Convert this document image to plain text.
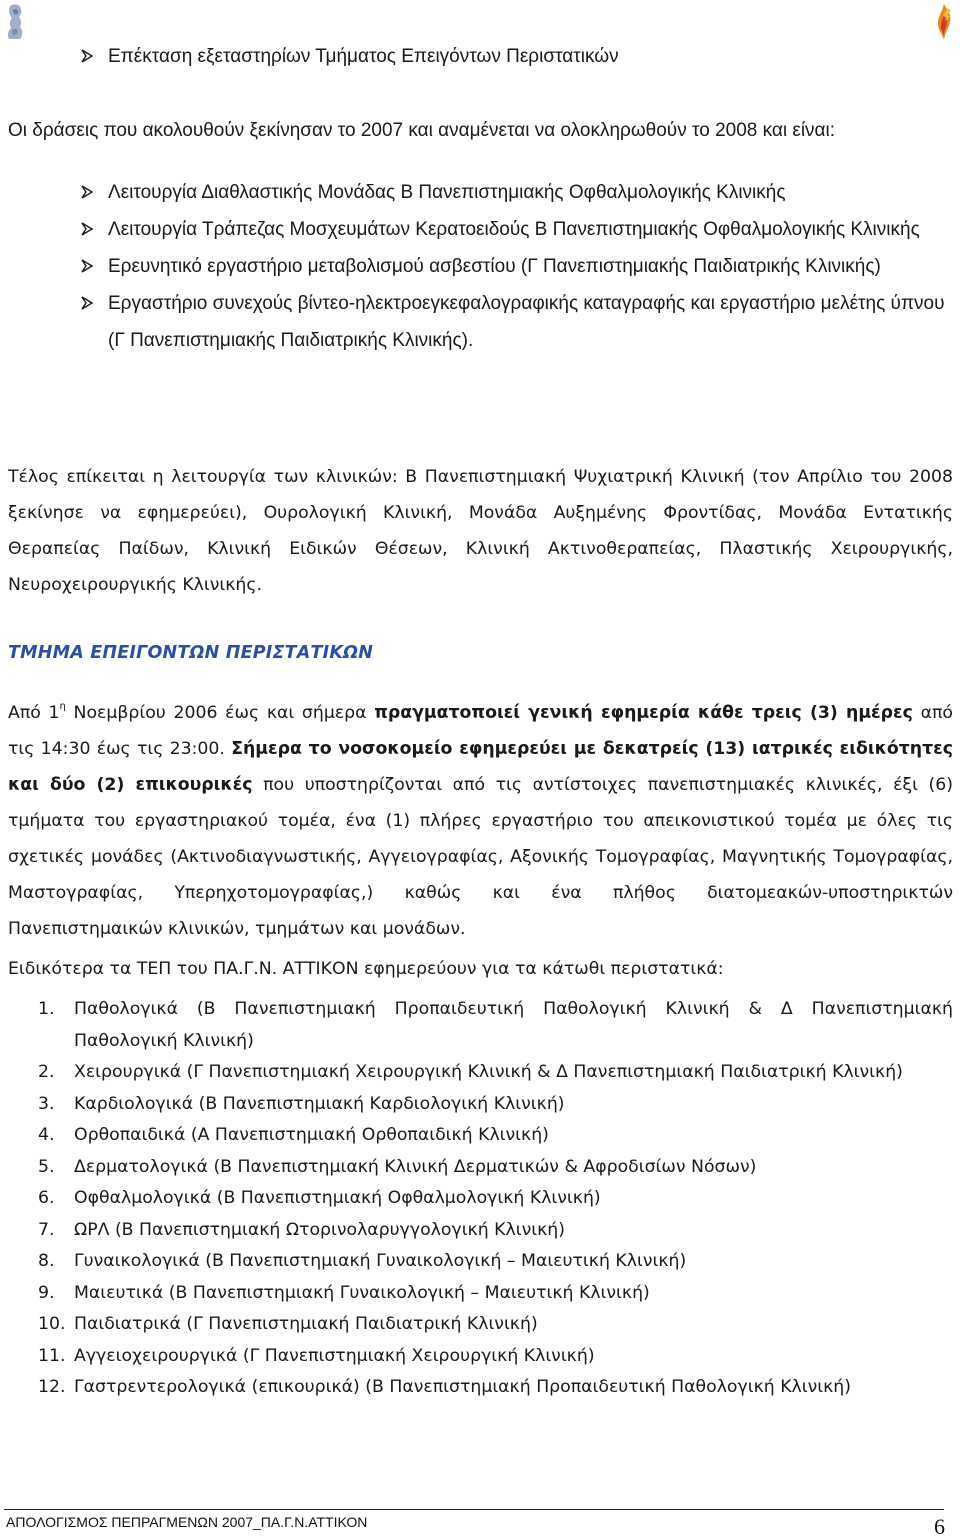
Επέκταση εξεταστηρίων Τμήματος Επειγόντων Περιστατικών

Οι δράσεις που ακολουθούν ξεκίνησαν το 2007 και αναμένεται να ολοκληρωθούν το 2008 και είναι:

Λειτουργία Διαθλαστικής Μονάδας Β Πανεπιστημιακής Οφθαλμολογικής Κλινικής
Λειτουργία Τράπεζας Μοσχευμάτων Κερατοειδούς Β Πανεπιστημιακής Οφθαλμολογικής Κλινικής
Ερευνητικό εργαστήριο μεταβολισμού ασβεστίου (Γ Πανεπιστημιακής Παιδιατρικής Κλινικής)
Εργαστήριο συνεχούς βίντεο-ηλεκτροεγκεφαλογραφικής καταγραφής και εργαστήριο μελέτης ύπνου (Γ Πανεπιστημιακής Παιδιατρικής Κλινικής).

Τέλος επίκειται η λειτουργία των κλινικών: Β Πανεπιστημιακή Ψυχιατρική Κλινική (τον Απρίλιο του 2008 ξεκίνησε να εφημερεύει), Ουρολογική Κλινική, Μονάδα Αυξημένης Φροντίδας, Μονάδα Εντατικής Θεραπείας Παίδων, Κλινική Ειδικών Θέσεων, Κλινική Ακτινοθεραπείας, Πλαστικής Χειρουργικής, Νευροχειρουργικής Κλινικής.

ΤΜΗΜΑ ΕΠΕΙΓΟΝΤΩΝ ΠΕΡΙΣΤΑΤΙΚΩΝ

Από $1^\eta$ Νοεμβρίου 2006 έως και σήμερα πραγματοποιεί γενική εφημερία κάθε τρεις (3) ημέρες από τις 14:30 έως τις 23:00. Σήμερα το νοσοκομείο εφημερεύει με δεκατρείς (13) ιατρικές ειδικότητες και δύο (2) επικουρικές που υποστηρίζονται από τις αντίστοιχες πανεπιστημιακές κλινικές, έξι (6) τμήματα του εργαστηριακού τομέα, ένα (1) πλήρες εργαστήριο του απεικονιστικού τομέα με όλες τις σχετικές μονάδες (Ακτινοδιαγνωστικής, Αγγειογραφίας, Αξονικής Τομογραφίας, Μαγνητικής Τομογραφίας, Μαστογραφίας, Υπερηχοτομογραφίας,) καθώς και ένα πλήθος διατομεακών-υποστηρικτών Πανεπιστημαικών κλινικών, τμημάτων και μονάδων.

Ειδικότερα τα ΤΕΠ του ΠΑ.Γ.Ν. ΑΤΤΙΚΟΝ εφημερεύουν για τα κάτωθι περιστατικά:

1. Παθολογικά (Β Πανεπιστημιακή Προπαιδευτική Παθολογική Κλινική & Δ Πανεπιστημιακή Παθολογική Κλινική)
2. Χειρουργικά (Γ Πανεπιστημιακή Χειρουργική Κλινική & Δ Πανεπιστημιακή Παιδιατρική Κλινική)
3. Καρδιολογικά (Β Πανεπιστημιακή Καρδιολογική Κλινική)
4. Ορθοπαιδικά (Α Πανεπιστημιακή Ορθοπαιδική Κλινική)
5. Δερματολογικά (Β Πανεπιστημιακή Κλινική Δερματικών & Αφροδισίων Νόσων)
6. Οφθαλμολογικά (Β Πανεπιστημιακή Οφθαλμολογική Κλινική)
7. ΩΡΛ (Β Πανεπιστημιακή Ωτορινολαρυγγολογική Κλινική)
8. Γυναικολογικά (Β Πανεπιστημιακή Γυναικολογική – Μαιευτική Κλινική)
9. Μαιευτικά (Β Πανεπιστημιακή Γυναικολογική – Μαιευτική Κλινική)
10. Παιδιατρικά (Γ Πανεπιστημιακή Παιδιατρική Κλινική)
11. Αγγειοχειρουργικά (Γ Πανεπιστημιακή Χειρουργική Κλινική)
12. Γαστρεντερολογικά (επικουρικά) (Β Πανεπιστημιακή Προπαιδευτική Παθολογική Κλινική)

ΑΠΟΛΟΓΙΣΜΟΣ ΠΕΠΡΑΓΜΕΝΩΝ 2007_ΠΑ.Γ.Ν.ΑΤΤΙΚΟΝ	6
